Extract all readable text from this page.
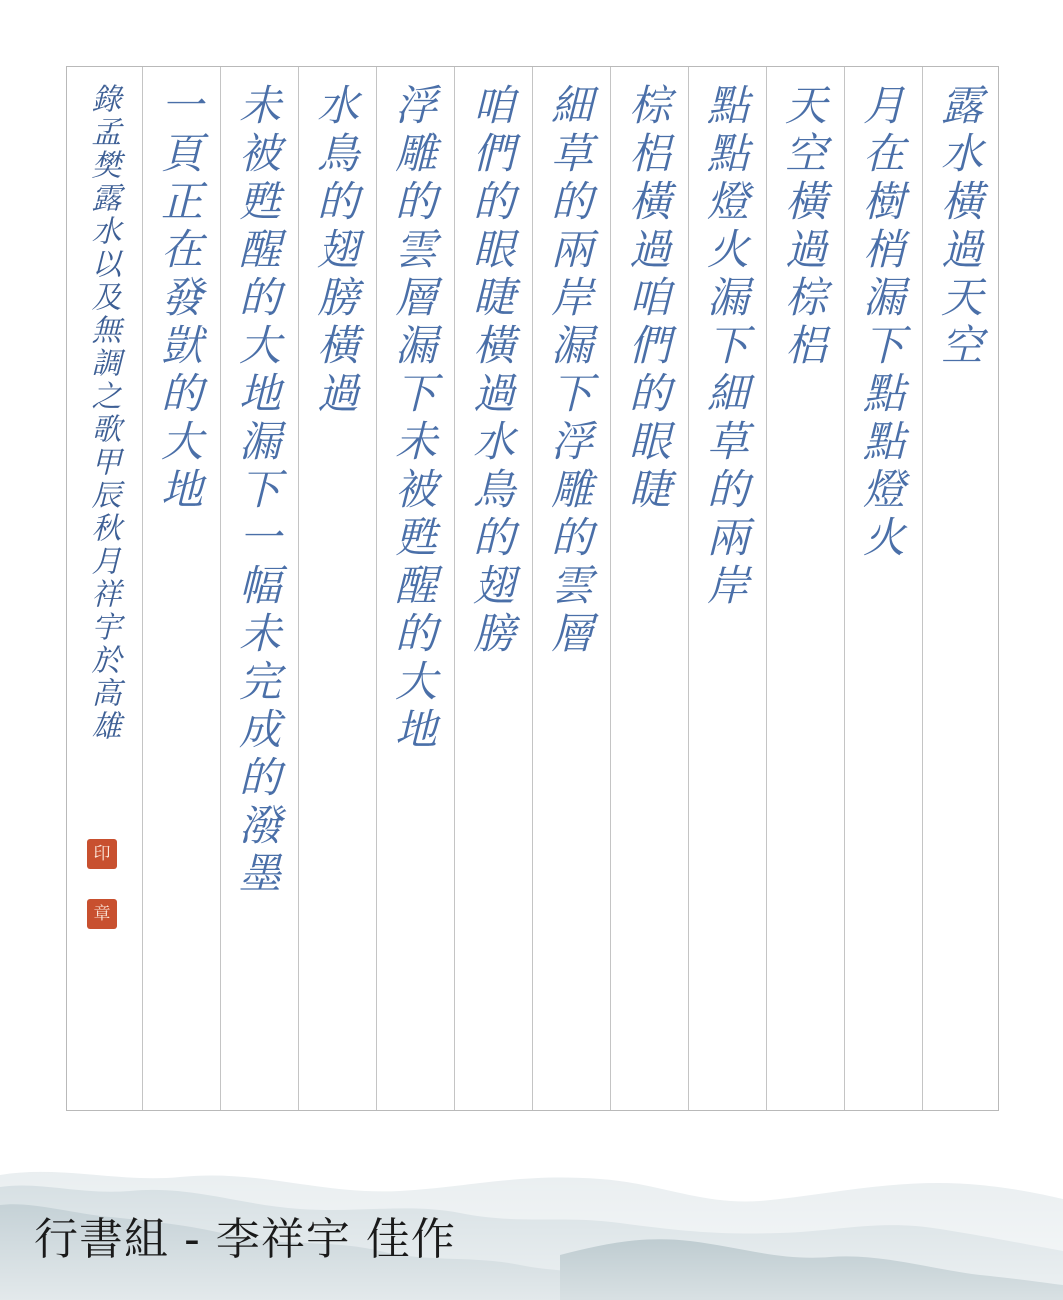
露水橫過天空
月在樹梢漏下點點燈火
天空橫過棕梠
點點燈火漏下細草的兩岸
棕梠橫過咱們的眼睫
細草的兩岸漏下浮雕的雲層
咱們的眼睫橫過水鳥的翅膀
浮雕的雲層漏下未被甦醒的大地
水鳥的翅膀橫過
未被甦醒的大地漏下一幅未完成的潑墨
一頁正在發獃的大地
錄孟樊露水以及無調之歌甲辰秋月祥宇於高雄
印
章
行書組 - 李祥宇 佳作
